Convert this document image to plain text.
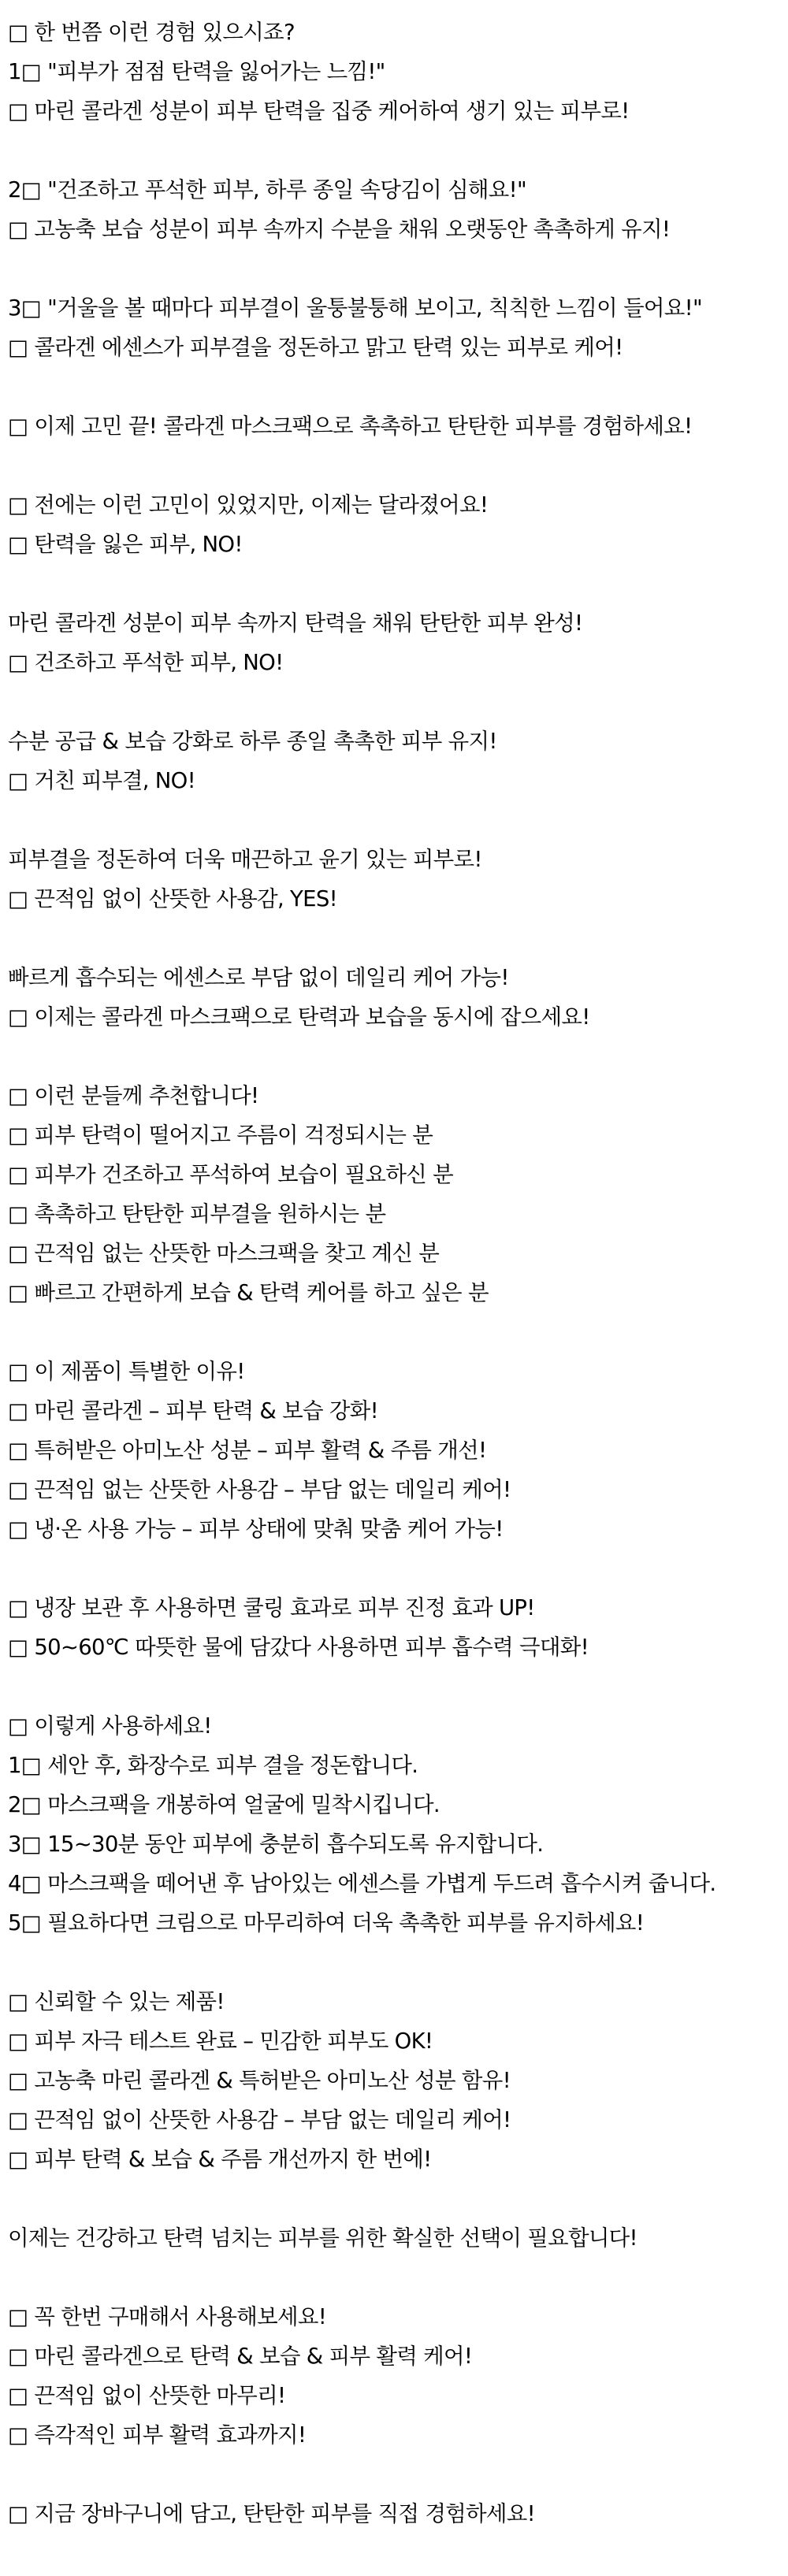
□ 한 번쯤 이런 경험 있으시죠?
1□ "피부가 점점 탄력을 잃어가는 느낌!"
□ 마린 콜라겐 성분이 피부 탄력을 집중 케어하여 생기 있는 피부로!
2□ "건조하고 푸석한 피부, 하루 종일 속당김이 심해요!"
□ 고농축 보습 성분이 피부 속까지 수분을 채워 오랫동안 촉촉하게 유지!
3□ "거울을 볼 때마다 피부결이 울퉁불퉁해 보이고, 칙칙한 느낌이 들어요!"
□ 콜라겐 에센스가 피부결을 정돈하고 맑고 탄력 있는 피부로 케어!
□ 이제 고민 끝! 콜라겐 마스크팩으로 촉촉하고 탄탄한 피부를 경험하세요!
□ 전에는 이런 고민이 있었지만, 이제는 달라졌어요!
□ 탄력을 잃은 피부, NO!
마린 콜라겐 성분이 피부 속까지 탄력을 채워 탄탄한 피부 완성!
□ 건조하고 푸석한 피부, NO!
수분 공급 & 보습 강화로 하루 종일 촉촉한 피부 유지!
□ 거친 피부결, NO!
피부결을 정돈하여 더욱 매끈하고 윤기 있는 피부로!
□ 끈적임 없이 산뜻한 사용감, YES!
빠르게 흡수되는 에센스로 부담 없이 데일리 케어 가능!
□ 이제는 콜라겐 마스크팩으로 탄력과 보습을 동시에 잡으세요!
□ 이런 분들께 추천합니다!
□ 피부 탄력이 떨어지고 주름이 걱정되시는 분
□ 피부가 건조하고 푸석하여 보습이 필요하신 분
□ 촉촉하고 탄탄한 피부결을 원하시는 분
□ 끈적임 없는 산뜻한 마스크팩을 찾고 계신 분
□ 빠르고 간편하게 보습 & 탄력 케어를 하고 싶은 분
□ 이 제품이 특별한 이유!
□ 마린 콜라겐 – 피부 탄력 & 보습 강화!
□ 특허받은 아미노산 성분 – 피부 활력 & 주름 개선!
□ 끈적임 없는 산뜻한 사용감 – 부담 없는 데일리 케어!
□ 냉·온 사용 가능 – 피부 상태에 맞춰 맞춤 케어 가능!
□ 냉장 보관 후 사용하면 쿨링 효과로 피부 진정 효과 UP!
□ 50~60℃ 따뜻한 물에 담갔다 사용하면 피부 흡수력 극대화!
□ 이렇게 사용하세요!
1□ 세안 후, 화장수로 피부 결을 정돈합니다.
2□ 마스크팩을 개봉하여 얼굴에 밀착시킵니다.
3□ 15~30분 동안 피부에 충분히 흡수되도록 유지합니다.
4□ 마스크팩을 떼어낸 후 남아있는 에센스를 가볍게 두드려 흡수시켜 줍니다.
5□ 필요하다면 크림으로 마무리하여 더욱 촉촉한 피부를 유지하세요!
□ 신뢰할 수 있는 제품!
□ 피부 자극 테스트 완료 – 민감한 피부도 OK!
□ 고농축 마린 콜라겐 & 특허받은 아미노산 성분 함유!
□ 끈적임 없이 산뜻한 사용감 – 부담 없는 데일리 케어!
□ 피부 탄력 & 보습 & 주름 개선까지 한 번에!
이제는 건강하고 탄력 넘치는 피부를 위한 확실한 선택이 필요합니다!
□ 꼭 한번 구매해서 사용해보세요!
□ 마린 콜라겐으로 탄력 & 보습 & 피부 활력 케어!
□ 끈적임 없이 산뜻한 마무리!
□ 즉각적인 피부 활력 효과까지!
□ 지금 장바구니에 담고, 탄탄한 피부를 직접 경험하세요!
